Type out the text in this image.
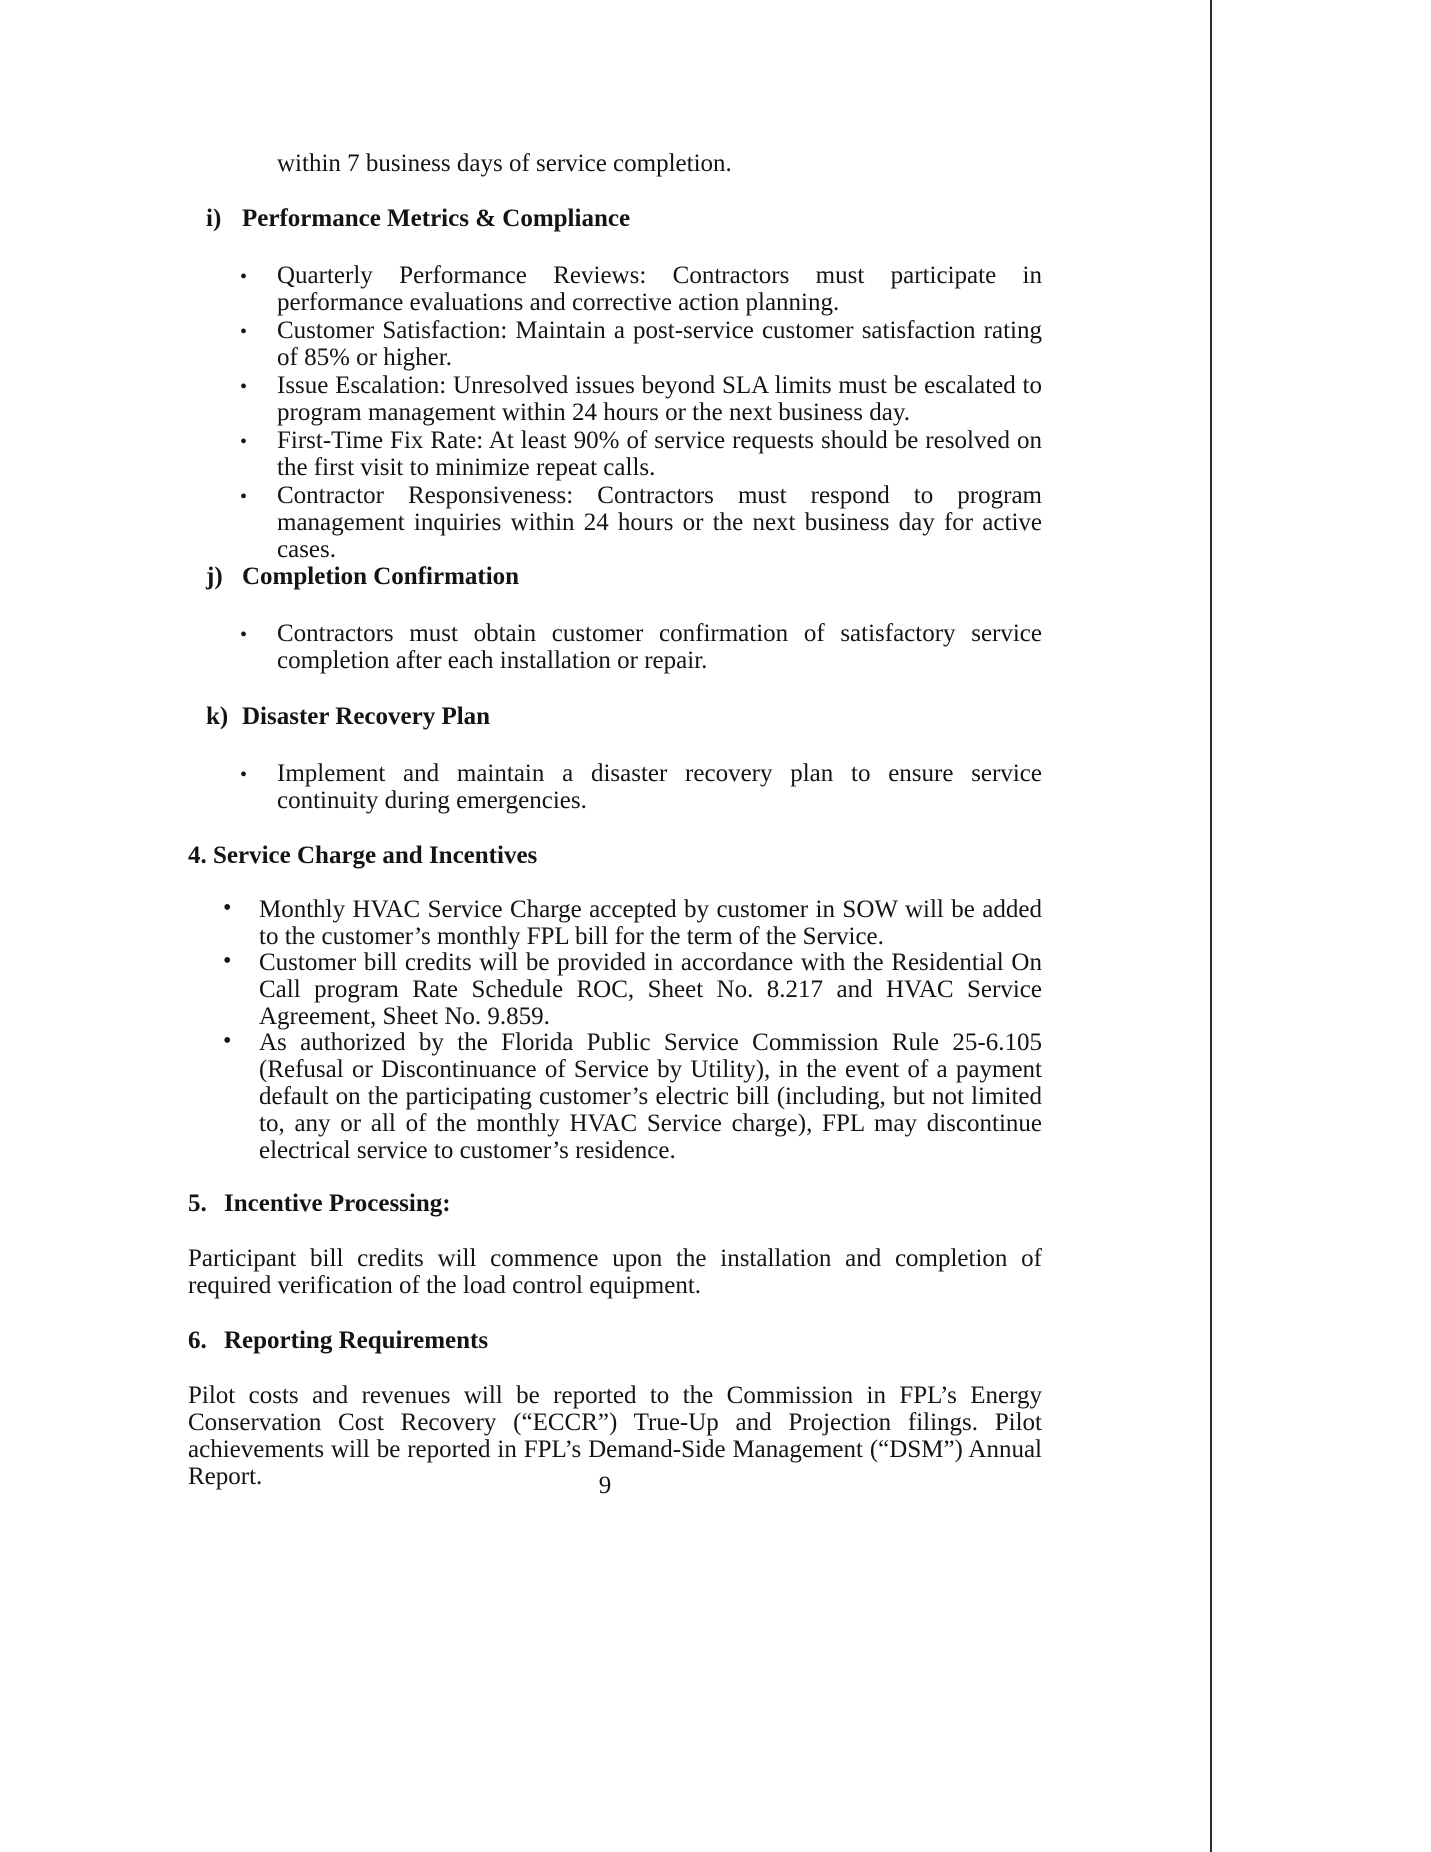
within 7 business days of service completion.
i) Performance Metrics & Compliance
• Quarterly Performance Reviews: Contractors must participate in performance evaluations and corrective action planning.
• Customer Satisfaction: Maintain a post-service customer satisfaction rating of 85% or higher.
• Issue Escalation: Unresolved issues beyond SLA limits must be escalated to program management within 24 hours or the next business day.
• First-Time Fix Rate: At least 90% of service requests should be resolved on the first visit to minimize repeat calls.
• Contractor Responsiveness: Contractors must respond to program management inquiries within 24 hours or the next business day for active cases.
j) Completion Confirmation
• Contractors must obtain customer confirmation of satisfactory service completion after each installation or repair.
k) Disaster Recovery Plan
• Implement and maintain a disaster recovery plan to ensure service continuity during emergencies.
4. Service Charge and Incentives
• Monthly HVAC Service Charge accepted by customer in SOW will be added to the customer’s monthly FPL bill for the term of the Service.
• Customer bill credits will be provided in accordance with the Residential On Call program Rate Schedule ROC, Sheet No. 8.217 and HVAC Service Agreement, Sheet No. 9.859.
• As authorized by the Florida Public Service Commission Rule 25-6.105 (Refusal or Discontinuance of Service by Utility), in the event of a payment default on the participating customer’s electric bill (including, but not limited to, any or all of the monthly HVAC Service charge), FPL may discontinue electrical service to customer’s residence.
5. Incentive Processing:
Participant bill credits will commence upon the installation and completion of required verification of the load control equipment.
6. Reporting Requirements
Pilot costs and revenues will be reported to the Commission in FPL’s Energy Conservation Cost Recovery (“ECCR”) True-Up and Projection filings. Pilot achievements will be reported in FPL’s Demand-Side Management (“DSM”) Annual Report.	9
